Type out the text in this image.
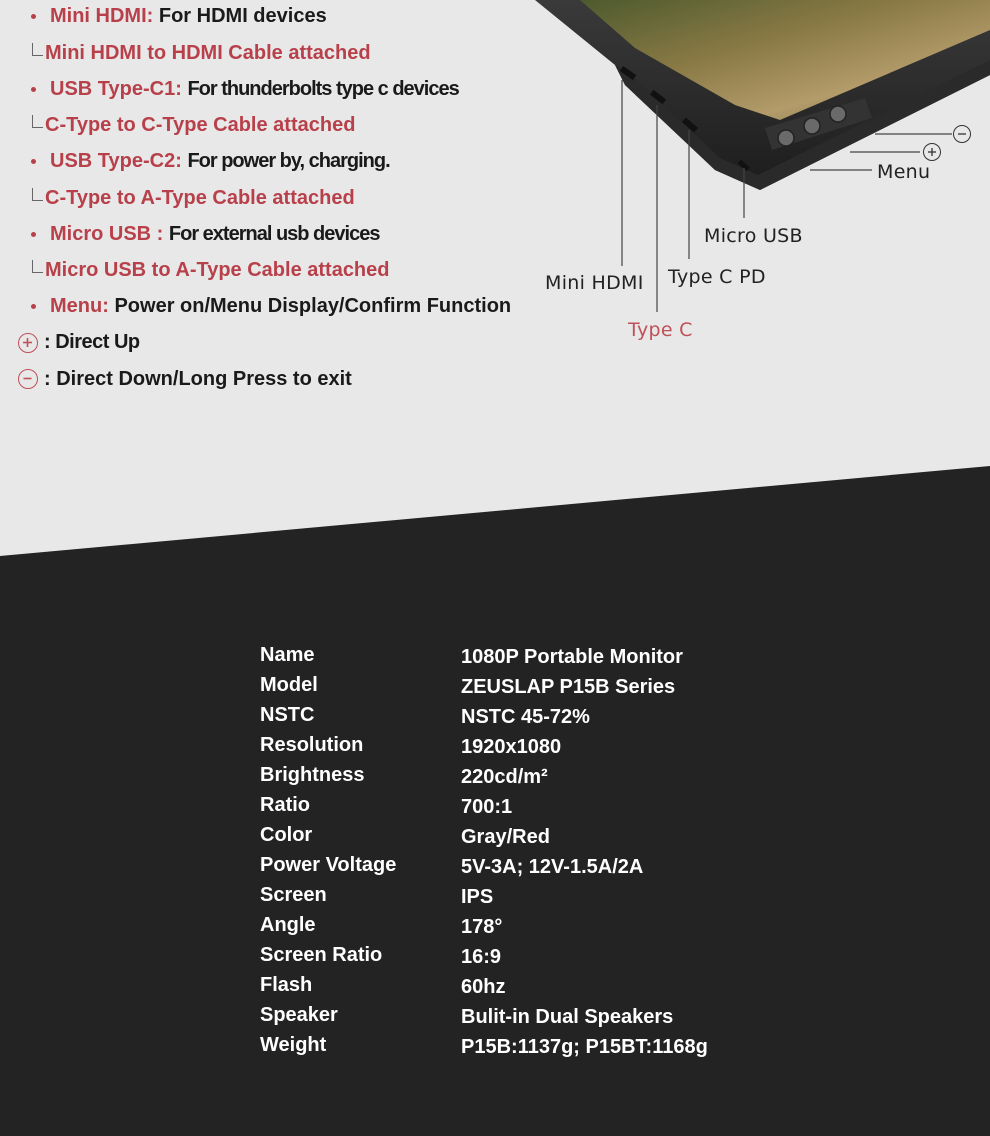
Mini HDMI: For HDMI devices
Mini HDMI to HDMI Cable attached
USB Type-C1: For thunderbolts type c devices
C-Type to C-Type Cable attached
USB Type-C2: For power by, charging.
C-Type to A-Type Cable attached
Micro USB : For external usb devices
Micro USB to A-Type Cable attached
Menu: Power on/Menu Display/Confirm Function
: Direct Up
: Direct Down/Long Press to exit
Menu
Micro USB
Type C PD
Mini HDMI
Type C
Name	1080P Portable Monitor
Model	ZEUSLAP P15B Series
NSTC	NSTC 45-72%
Resolution	1920x1080
Brightness	220cd/m²
Ratio	700:1
Color	Gray/Red
Power Voltage	5V-3A; 12V-1.5A/2A
Screen	IPS
Angle	178°
Screen Ratio	16:9
Flash	60hz
Speaker	Bulit-in Dual Speakers
Weight	P15B:1137g; P15BT:1168g
